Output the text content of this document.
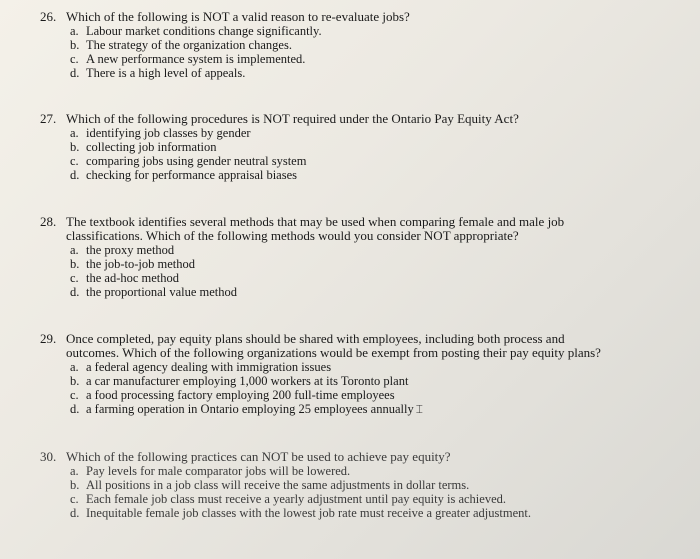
26. Which of the following is NOT a valid reason to re-evaluate jobs?
a. Labour market conditions change significantly.
b. The strategy of the organization changes.
c. A new performance system is implemented.
d. There is a high level of appeals.
27. Which of the following procedures is NOT required under the Ontario Pay Equity Act?
a. identifying job classes by gender
b. collecting job information
c. comparing jobs using gender neutral system
d. checking for performance appraisal biases
28. The textbook identifies several methods that may be used when comparing female and male job
classifications. Which of the following methods would you consider NOT appropriate?
a. the proxy method
b. the job-to-job method
c. the ad-hoc method
d. the proportional value method
29. Once completed, pay equity plans should be shared with employees, including both process and
outcomes. Which of the following organizations would be exempt from posting their pay equity plans?
a. a federal agency dealing with immigration issues
b. a car manufacturer employing 1,000 workers at its Toronto plant
c. a food processing factory employing 200 full-time employees
d. a farming operation in Ontario employing 25 employees annually ⌶
30. Which of the following practices can NOT be used to achieve pay equity?
a. Pay levels for male comparator jobs will be lowered.
b. All positions in a job class will receive the same adjustments in dollar terms.
c. Each female job class must receive a yearly adjustment until pay equity is achieved.
d. Inequitable female job classes with the lowest job rate must receive a greater adjustment.
